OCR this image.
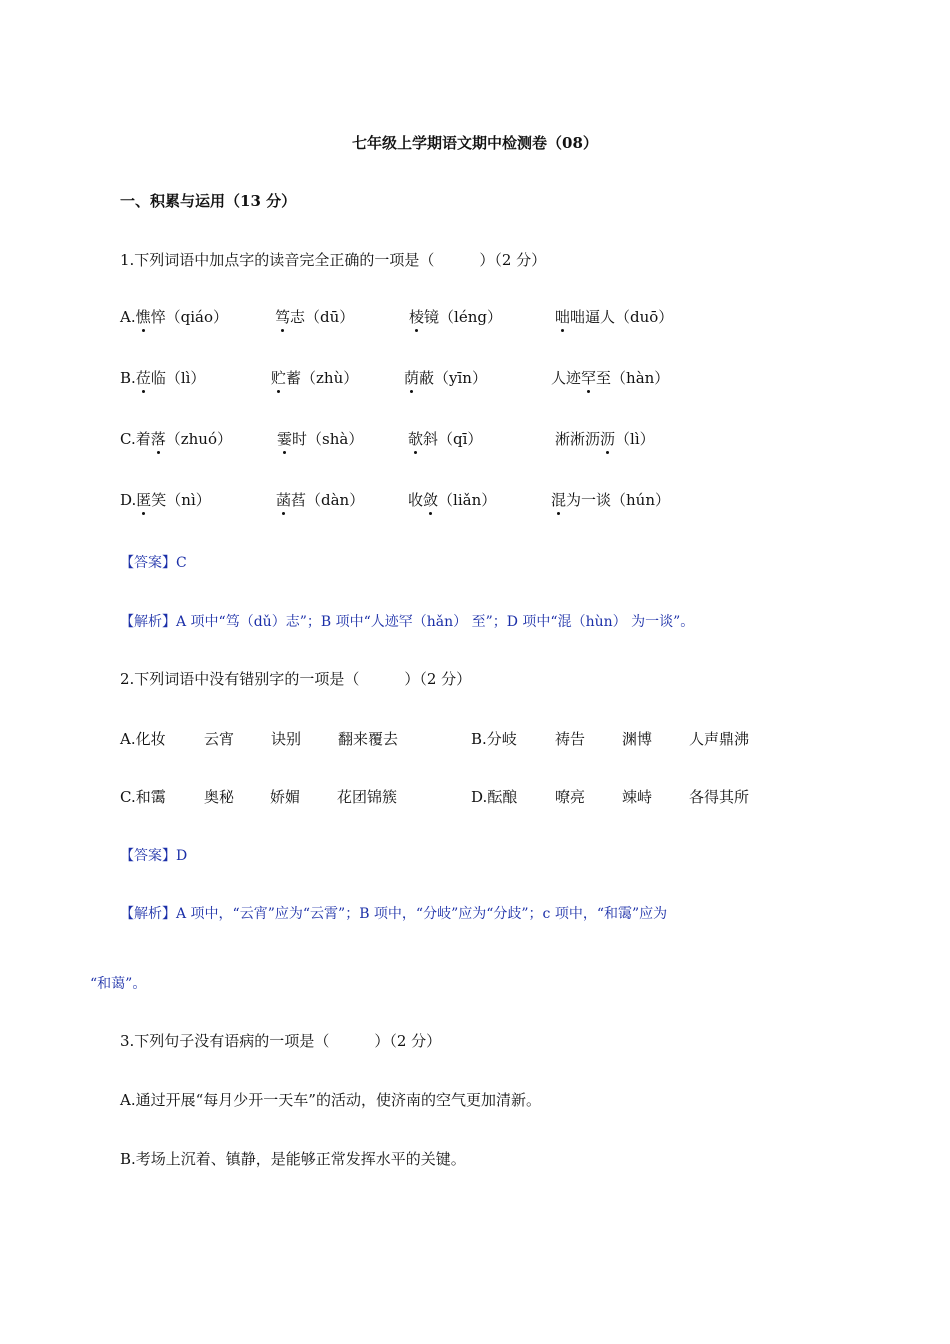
七年级上学期语文期中检测卷（08）
一、积累与运用（13 分）
1.下列词语中加点字的读音完全正确的一项是（　　　）（2 分）
A.憔悴（qiáo）	笃志（dū）	棱镜（léng）	咄咄逼人（duō）
B.莅临（lì）	贮蓄（zhù）	荫蔽（yīn）	人迹罕至（hàn）
C.着落（zhuó）	霎时（shà）	欹斜（qī）	淅淅沥沥（lì）
D.匿笑（nì）	菡萏（dàn）	收敛（liǎn）	混为一谈（hún）
【答案】C
【解析】A 项中“笃（dǔ）志”；B 项中“人迹罕（hǎn） 至”；D 项中“混（hùn） 为一谈”。
2.下列词语中没有错别字的一项是（　　　）（2 分）
A.化妆	云宵 诀别 翻来覆去	B.分岐	祷告 渊博 人声鼎沸
C.和霭	奥秘 娇媚 花团锦簇	D.酝酿	嘹亮 竦峙 各得其所
【答案】D
【解析】A 项中，“云宵”应为“云霄”；B 项中，“分岐”应为“分歧”；c 项中，“和霭”应为
“和蔼”。
3.下列句子没有语病的一项是（　　　）（2 分）
A.通过开展“每月少开一天车”的活动，使济南的空气更加清新。
B.考场上沉着、镇静，是能够正常发挥水平的关键。
